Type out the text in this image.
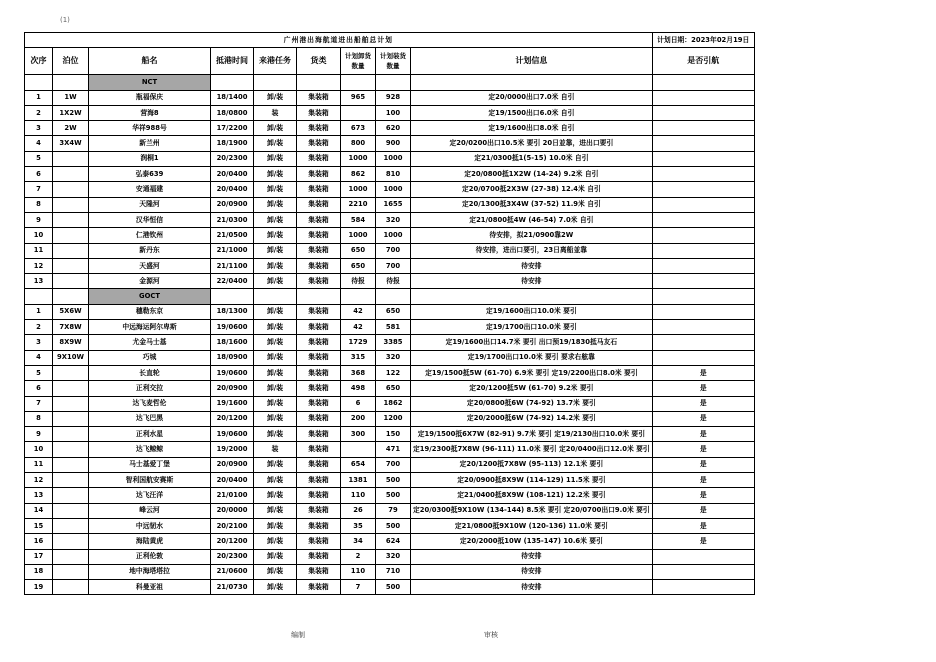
(1)
广州港出海航道进出船舶总计划									计划日期：2023年02月19日
次序	泊位	船名	抵港时间	来港任务	货类	计划卸货数量	计划装货数量	计划信息	是否引航
		NCT							
1	1W	瓶福保庆	18/1400	卸/装	集装箱	965	928	定20/0000出口7.0米 自引	
2	1X2W	营海8	18/0800	装	集装箱		100	定19/1500出口6.0米 自引	
3	2W	华祥988号	17/2200	卸/装	集装箱	673	620	定19/1600出口8.0米 自引	
4	3X4W	新兰州	18/1900	卸/装	集装箱	800	900	定20/0200出口10.5米 要引 20日並靠，进出口要引	
5		润桐1	20/2300	卸/装	集装箱	1000	1000	定21/0300抵1(5-15) 10.0米 自引	
6		弘泰639	20/0400	卸/装	集装箱	862	810	定20/0800抵1X2W (14-24) 9.2米 自引	
7		安通福建	20/0400	卸/装	集装箱	1000	1000	定20/0700抵2X3W (27-38) 12.4米 自引	
8		天隆河	20/0900	卸/装	集装箱	2210	1655	定20/1300抵3X4W (37-52) 11.9米 自引	
9		汉华恒信	21/0300	卸/装	集装箱	584	320	定21/0800抵4W (46-54) 7.0米 自引	
10		仁港钦州	21/0500	卸/装	集装箱	1000	1000	待安排，拟21/0900靠2W	
11		新丹东	21/1000	卸/装	集装箱	650	700	待安排，进出口要引，23日离船並靠	
12		天盛河	21/1100	卸/装	集装箱	650	700	待安排	
13		金源河	22/0400	卸/装	集装箱	待报	待报	待安排	
		GOCT							
1	5X6W	穗勒东京	18/1300	卸/装	集装箱	42	650	定19/1600出口10.0米 要引	
2	7X8W	中远海运阿尔卑斯	19/0600	卸/装	集装箱	42	581	定19/1700出口10.0米 要引	
3	8X9W	尤金马士基	18/1600	卸/装	集装箱	1729	3385	定19/1600出口14.7米 要引 出口预19/1830抵马友石	
4	9X10W	巧城	18/0900	卸/装	集装箱	315	320	定19/1700出口10.0米 要引 要求右舷靠	
5		长直轮	19/0600	卸/装	集装箱	368	122	定19/1500抵5W (61-70) 6.9米 要引 定19/2200出口8.0米 要引	是
6		正利交拉	20/0900	卸/装	集装箱	498	650	定20/1200抵5W (61-70) 9.2米 要引	是
7		达飞麦哲伦	19/1600	卸/装	集装箱	6	1862	定20/0800抵6W (74-92) 13.7米 要引	是
8		达飞巴黑	20/1200	卸/装	集装箱	200	1200	定20/2000抵6W (74-92) 14.2米 要引	是
9		正利水星	19/0600	卸/装	集装箱	300	150	定19/1500抵6X7W (82-91) 9.7米 要引 定19/2130出口10.0米 要引	是
10		达飞鲸鲸	19/2000	装	集装箱		471	定19/2300抵7X8W (96-111) 11.0米 要引 定20/0400出口12.0米 要引	是
11		马士基爱丁堡	20/0900	卸/装	集装箱	654	700	定20/1200抵7X8W (95-113) 12.1米 要引	是
12		智利国航安赛斯	20/0400	卸/装	集装箱	1381	500	定20/0900抵8X9W (114-129) 11.5米 要引	是
13		达飞汪洋	21/0100	卸/装	集装箱	110	500	定21/0400抵8X9W (108-121) 12.2米 要引	是
14		峰云河	20/0000	卸/装	集装箱	26	79	定20/0300抵9X10W (134-144) 8.5米 要引 定20/0700出口9.0米 要引	是
15		中远韧水	20/2100	卸/装	集装箱	35	500	定21/0800抵9X10W (120-136) 11.0米 要引	是
16		海陆黄虎	20/1200	卸/装	集装箱	34	624	定20/2000抵10W (135-147) 10.6米 要引	是
17		正利伦敦	20/2300	卸/装	集装箱	2	320	待安排	
18		地中海塔塔拉	21/0600	卸/装	集装箱	110	710	待安排	
19		科曼亚祖	21/0730	卸/装	集装箱	7	500	待安排	
编制	审核
